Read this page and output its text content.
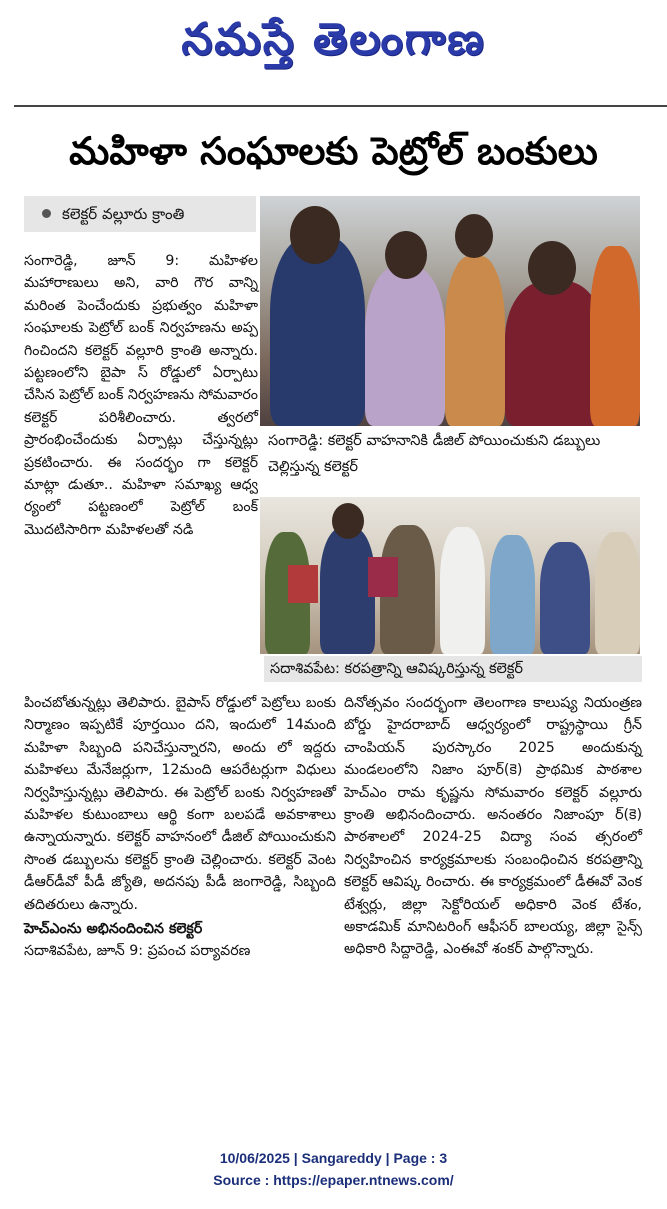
నమస్తే తెలంగాణ
మహిళా సంఘాలకు పెట్రోల్ బంకులు
కలెక్టర్ వల్లూరు క్రాంతి

సంగారెడ్డి, జూన్ 9: మహిళల మహారాణులు అని, వారి గౌర వాన్ని మరింత పెంచేందుకు ప్రభుత్వం మహిళా సంఘాలకు పెట్రోల్ బంక్ నిర్వహణను అప్ప గించిందని కలెక్టర్ వల్లూరి క్రాంతి అన్నారు. పట్టణంలోని బైపా స్ రోడ్డులో ఏర్పాటు చేసిన పెట్రోల్ బంక్ నిర్వహణను సోమవారం కలెక్టర్ పరిశీలించారు. త్వరలో ప్రారంభించేందుకు ఏర్పాట్లు చేస్తున్నట్లు ప్రకటించారు. ఈ సందర్భం గా కలెక్టర్ మాట్లా డుతూ.. మహిళా సమాఖ్య ఆధ్వ ర్యంలో పట్టణంలో పెట్రోల్ బంక్ మొదటిసారిగా మహిళలతో నడి

సంగారెడ్డి: కలెక్టర్ వాహనానికి డీజిల్ పోయించుకుని డబ్బులు చెల్లిస్తున్న కలెక్టర్
సదాశివపేట: కరపత్రాన్ని ఆవిష్కరిస్తున్న కలెక్టర్

పించబోతున్నట్లు తెలిపారు. బైపాస్ రోడ్డులో పెట్రోలు బంకు నిర్మాణం ఇప్పటికే పూర్తయిం దని, ఇందులో 14మంది మహిళా సిబ్బంది పనిచేస్తున్నారని, అందు లో ఇద్దరు మహిళలు మేనేజర్లుగా, 12మంది ఆపరేటర్లుగా విధులు నిర్వహిస్తున్నట్లు తెలిపారు. ఈ పెట్రోల్ బంకు నిర్వహణతో మహిళల కుటుంబాలు ఆర్థి కంగా బలపడే అవకాశాలు ఉన్నాయన్నారు. కలెక్టర్ వాహనంలో డీజిల్ పోయించుకుని సొంత డబ్బులను కలెక్టర్ క్రాంతి చెల్లించారు. కలెక్టర్ వెంట డీఆర్‌డీవో పీడీ జ్యోతి, అదనపు పీడీ జంగారెడ్డి, సిబ్బంది తదితరులు ఉన్నారు.

హెచ్‌ఎంను అభినందించిన కలెక్టర్

సదాశివపేట, జూన్ 9: ప్రపంచ పర్యావరణ

దినోత్సవం సందర్భంగా తెలంగాణ కాలుష్య నియంత్రణ బోర్డు హైదరాబాద్ ఆధ్వర్యంలో రాష్ట్రస్థాయి గ్రీన్ చాంపియన్ పురస్కారం 2025 అందుకున్న మండలంలోని నిజాం పూర్(కె) ప్రాథమిక పాఠశాల హెచ్‌ఎం రామ కృష్ణను సోమవారం కలెక్టర్ వల్లూరు క్రాంతి అభినందించారు. అనంతరం నిజాంపూ ర్(కె) పాఠశాలలో 2024-25 విద్యా సంవ త్సరంలో నిర్వహించిన కార్యక్రమాలకు సంబంధించిన కరపత్రాన్ని కలెక్టర్ ఆవిష్క రించారు. ఈ కార్యక్రమంలో డీఈవో వెంక టేశ్వర్లు, జిల్లా సెక్టోరియల్ అధికారి వెంక టేశం, అకాడమిక్ మానిటరింగ్ ఆఫీసర్ బాలయ్య, జిల్లా సైన్స్ అధికారి సిద్దారెడ్డి, ఎంఈవో శంకర్ పాల్గొన్నారు.

10/06/2025 | Sangareddy | Page : 3
Source : https://epaper.ntnews.com/
